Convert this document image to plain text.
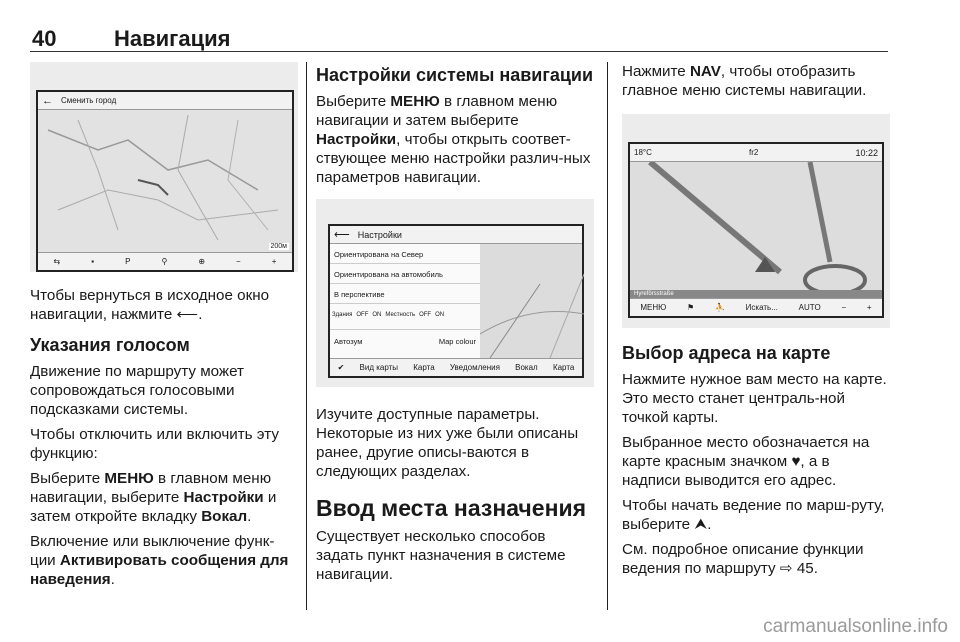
40	Навигация
← Сменить город
200м
⇆	▪	P	⚲	⊕	−	+

Чтобы вернуться в исходное окно навигации, нажмите ⟵.

Указания голосом

Движение по маршруту может сопровождаться голосовыми подсказками системы.

Чтобы отключить или включить эту функцию:

Выберите МЕНЮ в главном меню навигации, выберите Настройки и затем откройте вкладку Вокал.

Включение или выключение функ-ции Активировать сообщения для наведения.

Настройки системы навигации

Выберите МЕНЮ в главном меню навигации и затем выберите Настройки, чтобы открыть соответ-ствующее меню настройки различ-ных параметров навигации.

⟵ Настройки
Ориентирована на Север
Ориентирована на автомобиль
В перспективе
Здания OFF ON Местность OFF ON
Автозум	Map colour
✔ Вид карты Карта Уведомления Вокал Карта

Изучите доступные параметры. Некоторые из них уже были описаны ранее, другие описы-ваются в следующих разделах.

Ввод места назначения

Существует несколько способов задать пункт назначения в системе навигации.

Нажмите NAV, чтобы отобразить главное меню системы навигации.

18°C	fr2	10:22
Hyreförsstraße
МЕНЮ	⚑	⛹	Искать...	AUTO	−	+
Выбор адреса на карте

Нажмите нужное вам место на карте. Это место станет централь-ной точкой карты.

Выбранное место обозначается на карте красным значком ♥, а в надписи выводится его адрес.

Чтобы начать ведение по марш-руту, выберите ⮝.

См. подробное описание функции ведения по маршруту ⇨ 45.

carmanualsonline.info
